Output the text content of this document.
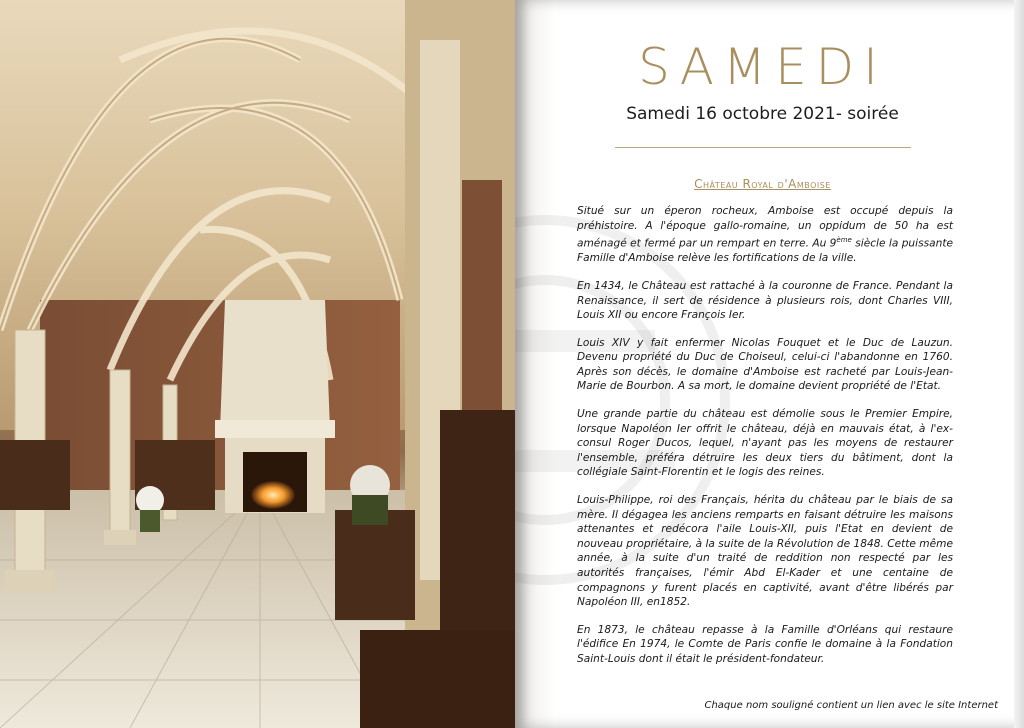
SAMEDI
Samedi 16 octobre 2021- soirée
Château Royal d'Amboise

Situé sur un éperon rocheux, Amboise est occupé depuis la préhistoire. A l'époque gallo-romaine, un oppidum de 50 ha est aménagé et fermé par un rempart en terre. Au 9ème siècle la puissante Famille d'Amboise relève les fortifications de la ville.

En 1434, le Château est rattaché à la couronne de France. Pendant la Renaissance, il sert de résidence à plusieurs rois, dont Charles VIII, Louis XII ou encore François Ier.

Louis XIV y fait enfermer Nicolas Fouquet et le Duc de Lauzun. Devenu propriété du Duc de Choiseul, celui-ci l'abandonne en 1760. Après son décès, le domaine d'Amboise est racheté par Louis-Jean-Marie de Bourbon. A sa mort, le domaine devient propriété de l'Etat.

Une grande partie du château est démolie sous le Premier Empire, lorsque Napoléon Ier offrit le château, déjà en mauvais état, à l'ex-consul Roger Ducos, lequel, n'ayant pas les moyens de restaurer l'ensemble, préféra détruire les deux tiers du bâtiment, dont la collégiale Saint-Florentin et le logis des reines.

Louis-Philippe, roi des Français, hérita du château par le biais de sa mère. Il dégagea les anciens remparts en faisant détruire les maisons attenantes et redécora l'aile Louis-XII, puis l'Etat en devient de nouveau propriétaire, à la suite de la Révolution de 1848. Cette même année, à la suite d'un traité de reddition non respecté par les autorités françaises, l'émir Abd El-Kader et une centaine de compagnons y furent placés en captivité, avant d'être libérés par Napoléon III, en1852.

En 1873, le château repasse à la Famille d'Orléans qui restaure l'édifice En 1974, le Comte de Paris confie le domaine à la Fondation Saint-Louis dont il était le président-fondateur.

Chaque nom souligné contient un lien avec le site Internet
